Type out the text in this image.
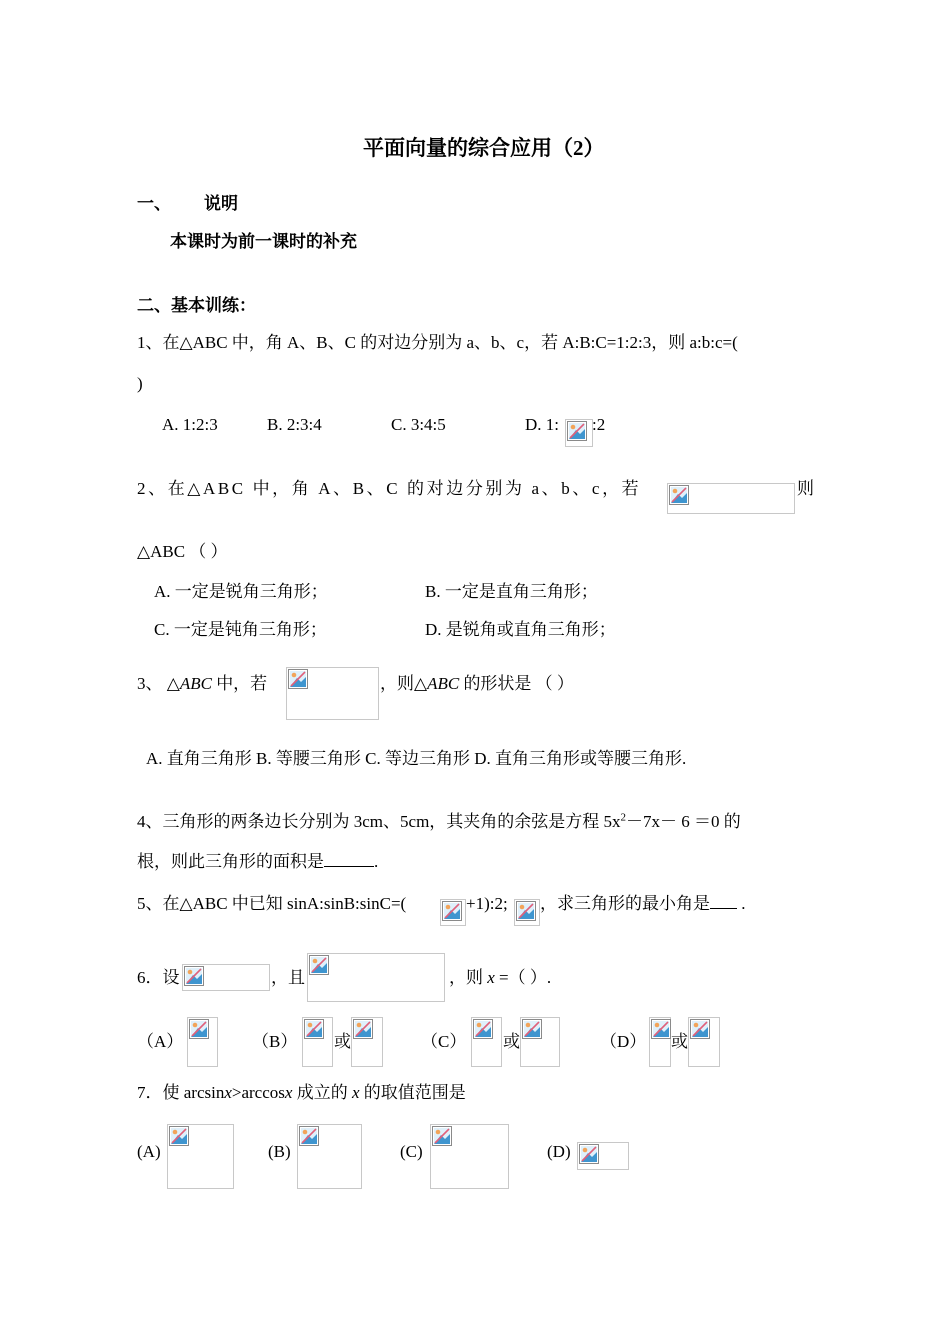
平面向量的综合应用（2）
一、 说明
本课时为前一课时的补充
二、基本训练：
1、在△ABC 中，角 A、B、C 的对边分别为 a、b、c，若 A:B:C=1:2:3，则 a:b:c=(
)
A. 1:2:3	B. 2:3:4	C. 3:4:5	D. 1: :2
2、在△ABC 中，角 A、B、C 的对边分别为 a、b、c，若	则
△ABC （ ）
A. 一定是锐角三角形；	B. 一定是直角三角形；
C. 一定是钝角三角形；	D. 是锐角或直角三角形；
3、 △ABC 中，若	，则△ABC 的形状是 （ ）
A. 直角三角形 B. 等腰三角形 C. 等边三角形 D. 直角三角形或等腰三角形.
4、三角形的两条边长分别为 3cm、5cm，其夹角的余弦是方程 $5x^2-7x- 6 =0$ 的
根，则此三角形的面积是	.
5、在△ABC 中已知 sinA:sinB:sinC=(	+1):2; ，求三角形的最小角是 .
6．设	，且	，则 x =（ ）.
（A）	（B） 或	（C） 或	（D） 或
7．使 arcsinx>arccosx 成立的 x 的取值范围是
(A)	(B)	(C)	(D)
